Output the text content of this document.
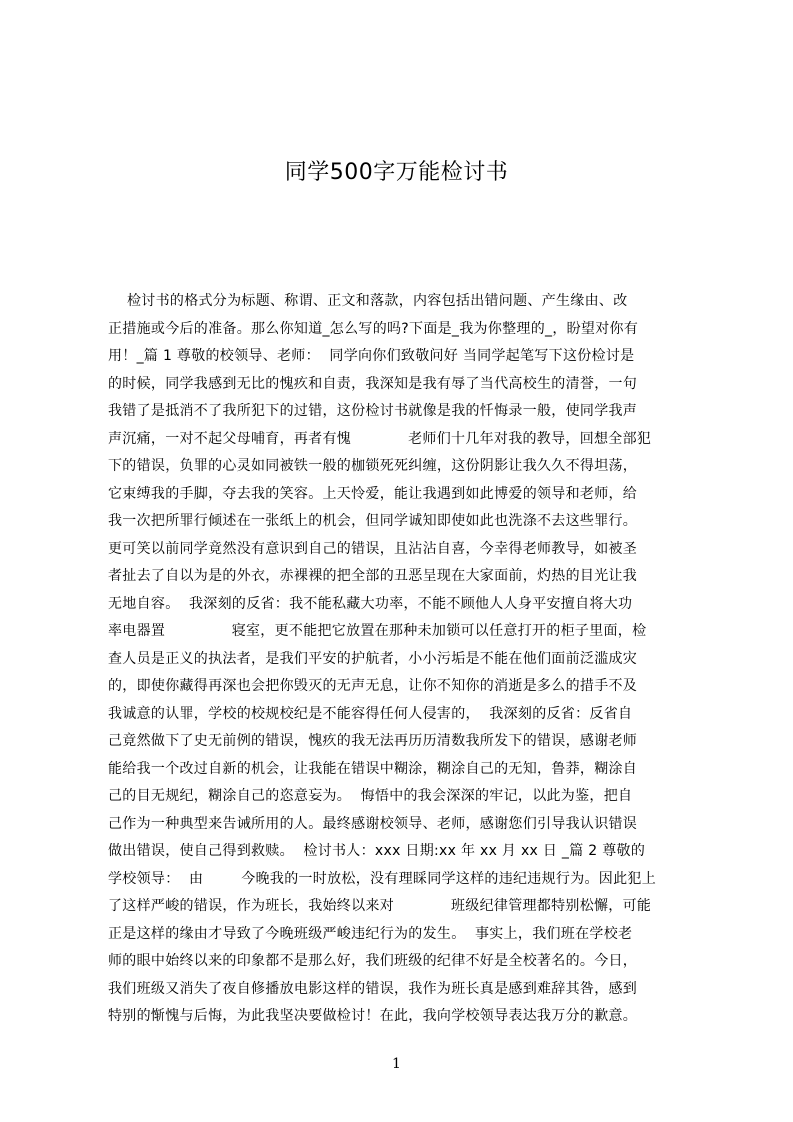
同学500字万能检讨书
检讨书的格式分为标题、称谓、正文和落款，内容包括出错问题、产生缘由、改
正措施或今后的准备。那么你知道_怎么写的吗?下面是_我为你整理的_，盼望对你有
用！_篇 1 尊敬的校领导、老师：  同学向你们致敬问好 当同学起笔写下这份检讨是
的时候，同学我感到无比的愧疚和自责，我深知是我有辱了当代高校生的清誉，一句
我错了是抵消不了我所犯下的过错，这份检讨书就像是我的忏悔录一般，使同学我声
声沉痛，一对不起父母哺育，再者有愧            老师们十几年对我的教导，回想全部犯
下的错误，负罪的心灵如同被铁一般的枷锁死死纠缠，这份阴影让我久久不得坦荡，
它束缚我的手脚，夺去我的笑容。上天怜爱，能让我遇到如此博爱的领导和老师，给
我一次把所罪行倾述在一张纸上的机会，但同学诚知即使如此也洗涤不去这些罪行。
更可笑以前同学竟然没有意识到自己的错误，且沾沾自喜，今幸得老师教导，如被圣
者扯去了自以为是的外衣，赤裸裸的把全部的丑恶呈现在大家面前，灼热的目光让我
无地自容。  我深刻的反省：我不能私藏大功率，不能不顾他人人身平安擅自将大功
率电器置              寝室，更不能把它放置在那种未加锁可以任意打开的柜子里面，检
查人员是正义的执法者，是我们平安的护航者，小小污垢是不能在他们面前泛滥成灾
的，即使你藏得再深也会把你毁灭的无声无息，让你不知你的消逝是多么的措手不及
我诚意的认罪，学校的校规校纪是不能容得任何人侵害的，  我深刻的反省：反省自
己竟然做下了史无前例的错误，愧疚的我无法再历历清数我所发下的错误，感谢老师
能给我一个改过自新的机会，让我能在错误中糊涂，糊涂自己的无知，鲁莽，糊涂自
己的目无规纪，糊涂自己的恣意妄为。  悔悟中的我会深深的牢记，以此为鉴，把自
己作为一种典型来告诫所用的人。最终感谢校领导、老师，感谢您们引导我认识错误
做出错误，使自己得到救赎。  检讨书人：xxx 日期:xx 年 xx 月 xx 日 _篇 2 尊敬的
学校领导：  由        今晚我的一时放松，没有理睬同学这样的违纪违规行为。因此犯上
了这样严峻的错误，作为班长，我始终以来对            班级纪律管理都特别松懈，可能
正是这样的缘由才导致了今晚班级严峻违纪行为的发生。  事实上，我们班在学校老
师的眼中始终以来的印象都不是那么好，我们班级的纪律不好是全校著名的。今日，
我们班级又消失了夜自修播放电影这样的错误，我作为班长真是感到难辞其咎，感到
特别的惭愧与后悔，为此我坚决要做检讨！在此，我向学校领导表达我万分的歉意。
1
